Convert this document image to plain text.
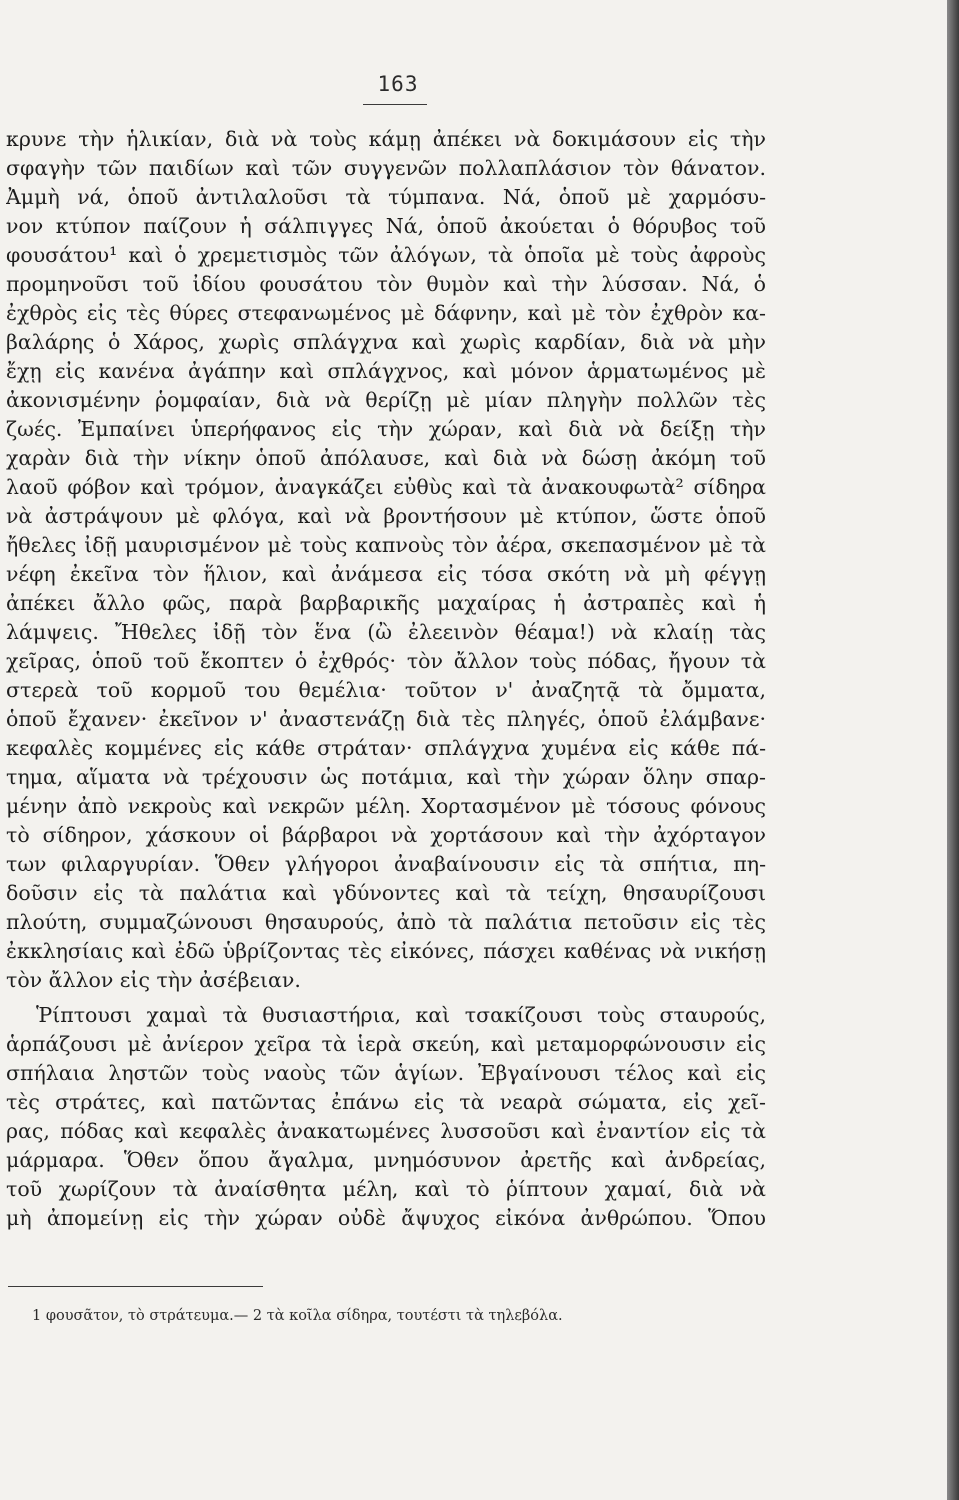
163
κρυνε τὴν ἡλικίαν, διὰ νὰ τοὺς κάμῃ ἀπέκει νὰ δοκιμάσουν εἰς τὴν
σφαγὴν τῶν παιδίων καὶ τῶν συγγενῶν πολλαπλάσιον τὸν θάνατον.
Ἀμμὴ νά, ὁποῦ ἀντιλαλοῦσι τὰ τύμπανα. Νά, ὁποῦ μὲ χαρμόσυ-
νον κτύπον παίζουν ἡ σάλπιγγες Νά, ὁποῦ ἀκούεται ὁ θόρυβος τοῦ
φουσάτου¹ καὶ ὁ χρεμετισμὸς τῶν ἀλόγων, τὰ ὁποῖα μὲ τοὺς ἀφροὺς
προμηνοῦσι τοῦ ἰδίου φουσάτου τὸν θυμὸν καὶ τὴν λύσσαν. Νά, ὁ
ἐχθρὸς εἰς τὲς θύρες στεφανωμένος μὲ δάφνην, καὶ μὲ τὸν ἐχθρὸν κα-
βαλάρης ὁ Χάρος, χωρὶς σπλάγχνα καὶ χωρὶς καρδίαν, διὰ νὰ μὴν
ἔχῃ εἰς κανένα ἀγάπην καὶ σπλάγχνος, καὶ μόνον ἁρματωμένος μὲ
ἀκονισμένην ῥομφαίαν, διὰ νὰ θερίζῃ μὲ μίαν πληγὴν πολλῶν τὲς
ζωές. Ἐμπαίνει ὑπερήφανος εἰς τὴν χώραν, καὶ διὰ νὰ δείξῃ τὴν
χαρὰν διὰ τὴν νίκην ὁποῦ ἀπόλαυσε, καὶ διὰ νὰ δώσῃ ἀκόμη τοῦ
λαοῦ φόβον καὶ τρόμον, ἀναγκάζει εὐθὺς καὶ τὰ ἀνακουφωτὰ² σίδηρα
νὰ ἀστράψουν μὲ φλόγα, καὶ νὰ βροντήσουν μὲ κτύπον, ὥστε ὁποῦ
ἤθελες ἰδῇ μαυρισμένον μὲ τοὺς καπνοὺς τὸν ἀέρα, σκεπασμένον μὲ τὰ
νέφη ἐκεῖνα τὸν ἥλιον, καὶ ἀνάμεσα εἰς τόσα σκότη νὰ μὴ φέγγῃ
ἀπέκει ἄλλο φῶς, παρὰ βαρβαρικῆς μαχαίρας ἡ ἀστραπὲς καὶ ἡ
λάμψεις. Ἤθελες ἰδῇ τὸν ἕνα (ὢ ἐλεεινὸν θέαμα!) νὰ κλαίῃ τὰς
χεῖρας, ὁποῦ τοῦ ἔκοπτεν ὁ ἐχθρός· τὸν ἄλλον τοὺς πόδας, ἤγουν τὰ
στερεὰ τοῦ κορμοῦ του θεμέλια· τοῦτον ν' ἀναζητᾷ τὰ ὄμματα,
ὁποῦ ἔχανεν· ἐκεῖνον ν' ἀναστενάζῃ διὰ τὲς πληγές, ὁποῦ ἐλάμβανε·
κεφαλὲς κομμένες εἰς κάθε στράταν· σπλάγχνα χυμένα εἰς κάθε πά-
τημα, αἵματα νὰ τρέχουσιν ὡς ποτάμια, καὶ τὴν χώραν ὅλην σπαρ-
μένην ἀπὸ νεκροὺς καὶ νεκρῶν μέλη. Χορτασμένον μὲ τόσους φόνους
τὸ σίδηρον, χάσκουν οἱ βάρβαροι νὰ χορτάσουν καὶ τὴν ἀχόρταγον
των φιλαργυρίαν. Ὅθεν γλήγοροι ἀναβαίνουσιν εἰς τὰ σπήτια, πη-
δοῦσιν εἰς τὰ παλάτια καὶ γδύνοντες καὶ τὰ τείχη, θησαυρίζουσι
πλούτη, συμμαζώνουσι θησαυρούς, ἀπὸ τὰ παλάτια πετοῦσιν εἰς τὲς
ἐκκλησίαις καὶ ἐδῶ ὑβρίζοντας τὲς εἰκόνες, πάσχει καθένας νὰ νικήσῃ
τὸν ἄλλον εἰς τὴν ἀσέβειαν.
Ῥίπτουσι χαμαὶ τὰ θυσιαστήρια, καὶ τσακίζουσι τοὺς σταυρούς,
ἁρπάζουσι μὲ ἀνίερον χεῖρα τὰ ἱερὰ σκεύη, καὶ μεταμορφώνουσιν εἰς
σπήλαια ληστῶν τοὺς ναοὺς τῶν ἁγίων. Ἐβγαίνουσι τέλος καὶ εἰς
τὲς στράτες, καὶ πατῶντας ἐπάνω εἰς τὰ νεαρὰ σώματα, εἰς χεῖ-
ρας, πόδας καὶ κεφαλὲς ἀνακατωμένες λυσσοῦσι καὶ ἐναντίον εἰς τὰ
μάρμαρα. Ὅθεν ὅπου ἄγαλμα, μνημόσυνον ἀρετῆς καὶ ἀνδρείας,
τοῦ χωρίζουν τὰ ἀναίσθητα μέλη, καὶ τὸ ῥίπτουν χαμαί, διὰ νὰ
μὴ ἀπομείνῃ εἰς τὴν χώραν οὐδὲ ἄψυχος εἰκόνα ἀνθρώπου. Ὅπου
1 φουσᾶτον, τὸ στράτευμα.— 2 τὰ κοῖλα σίδηρα, τουτέστι τὰ τηλεβόλα.
